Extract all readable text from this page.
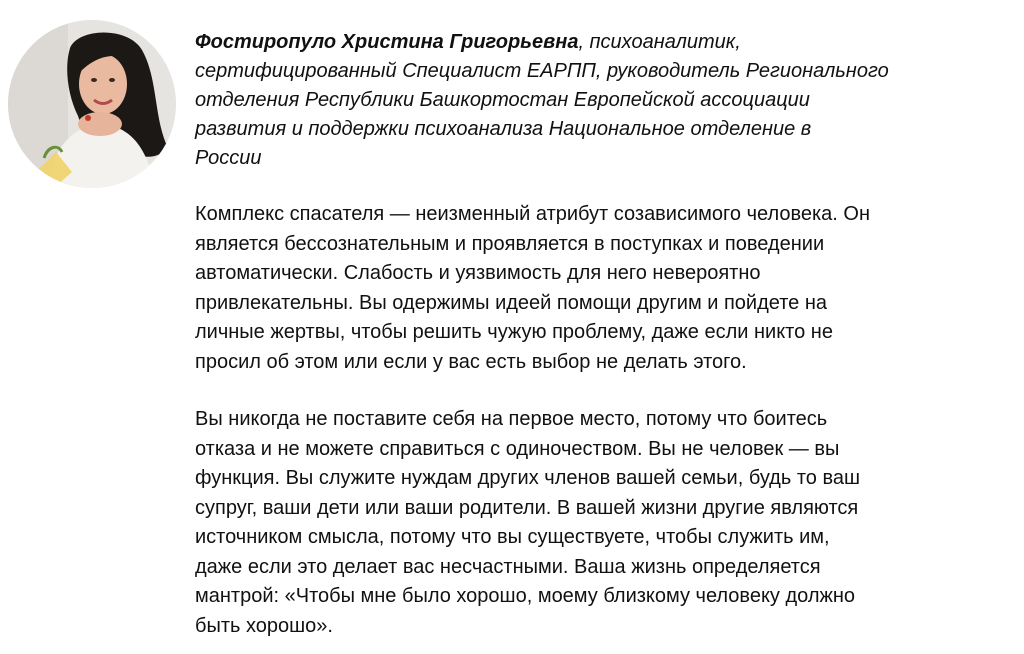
Фостиропуло Христина Григорьевна, психоаналитик,
сертифицированный Специалист ЕАРПП, руководитель Регионального
отделения Республики Башкортостан Европейской ассоциации
развития и поддержки психоанализа Национальное отделение в
России
Комплекс спасателя — неизменный атрибут созависимого человека. Он
является бессознательным и проявляется в поступках и поведении
автоматически. Слабость и уязвимость для него невероятно
привлекательны. Вы одержимы идеей помощи другим и пойдете на
личные жертвы, чтобы решить чужую проблему, даже если никто не
просил об этом или если у вас есть выбор не делать этого.
Вы никогда не поставите себя на первое место, потому что боитесь
отказа и не можете справиться с одиночеством. Вы не человек — вы
функция. Вы служите нуждам других членов вашей семьи, будь то ваш
супруг, ваши дети или ваши родители. В вашей жизни другие являются
источником смысла, потому что вы существуете, чтобы служить им,
даже если это делает вас несчастными. Ваша жизнь определяется
мантрой: «Чтобы мне было хорошо, моему близкому человеку должно
быть хорошо».
